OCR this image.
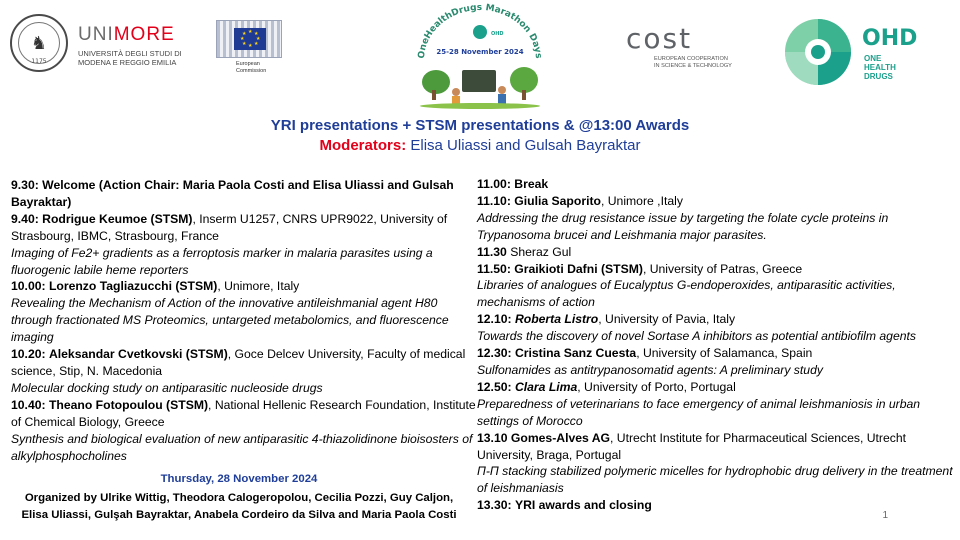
♞
1175
UNIMORE
UNIVERSITÀ DEGLI STUDI DI MODENA E REGGIO EMILIA
★ ★
★
★
★
★
★
★
European
Commission
OneHealthDrugs Marathon Days
25-28 November 2024
OHD	cost
EUROPEAN COOPERATION
IN SCIENCE & TECHNOLOGY
OHD
ONE
HEALTH
DRUGS
YRI presentations + STSM presentations & @13:00 Awards
Moderators: Elisa Uliassi and Gulsah Bayraktar

9.30: Welcome (Action Chair: Maria Paola Costi and Elisa Uliassi and Gulsah Bayraktar)

9.40: Rodrigue Keumoe (STSM), Inserm U1257, CNRS UPR9022, University of Strasbourg, IBMC, Strasbourg, France

Imaging of Fe2+ gradients as a ferroptosis marker in malaria parasites using a fluorogenic labile heme reporters

10.00: Lorenzo Tagliazucchi (STSM), Unimore, Italy

Revealing the Mechanism of Action of the innovative antileishmanial agent H80 through fractionated MS Proteomics, untargeted metabolomics, and fluorescence imaging

10.20: Aleksandar Cvetkovski (STSM), Goce Delcev University, Faculty of medical science, Stip, N. Macedonia

Molecular docking study on antiparasitic nucleoside drugs

10.40: Theano Fotopoulou (STSM), National Hellenic Research Foundation, Institute of Chemical Biology, Greece

Synthesis and biological evaluation of new antiparasitic 4-thiazolidinone bioisosters of alkylphosphocholines

Thursday, 28 November 2024
Organized by Ulrike Wittig, Theodora Calogeropolou, Cecilia Pozzi, Guy Caljon, Elisa Uliassi, Gulşah Bayraktar, Anabela Cordeiro da Silva and Maria Paola Costi

11.00: Break

11.10: Giulia Saporito, Unimore ,Italy

Addressing the drug resistance issue by targeting the folate cycle proteins in Trypanosoma brucei and Leishmania major parasites.

11.30 Sheraz Gul

11.50: Graikioti Dafni (STSM), University of Patras, Greece

Libraries of analogues of Eucalyptus G-endoperoxides, antiparasitic activities, mechanisms of action

12.10: Roberta Listro, University of Pavia, Italy

Towards the discovery of novel Sortase A inhibitors as potential antibiofilm agents

12.30: Cristina Sanz Cuesta, University of Salamanca, Spain

Sulfonamides as antitrypanosomatid agents: A preliminary study

12.50: Clara Lima, University of Porto, Portugal

Preparedness of veterinarians to face emergency of animal leishmaniosis in urban settings of Morocco

13.10 Gomes-Alves AG, Utrecht Institute for Pharmaceutical Sciences, Utrecht University, Braga, Portugal

Π-Π stacking stabilized polymeric micelles for hydrophobic drug delivery in the treatment of leishmaniasis

13.30: YRI awards and closing

1
